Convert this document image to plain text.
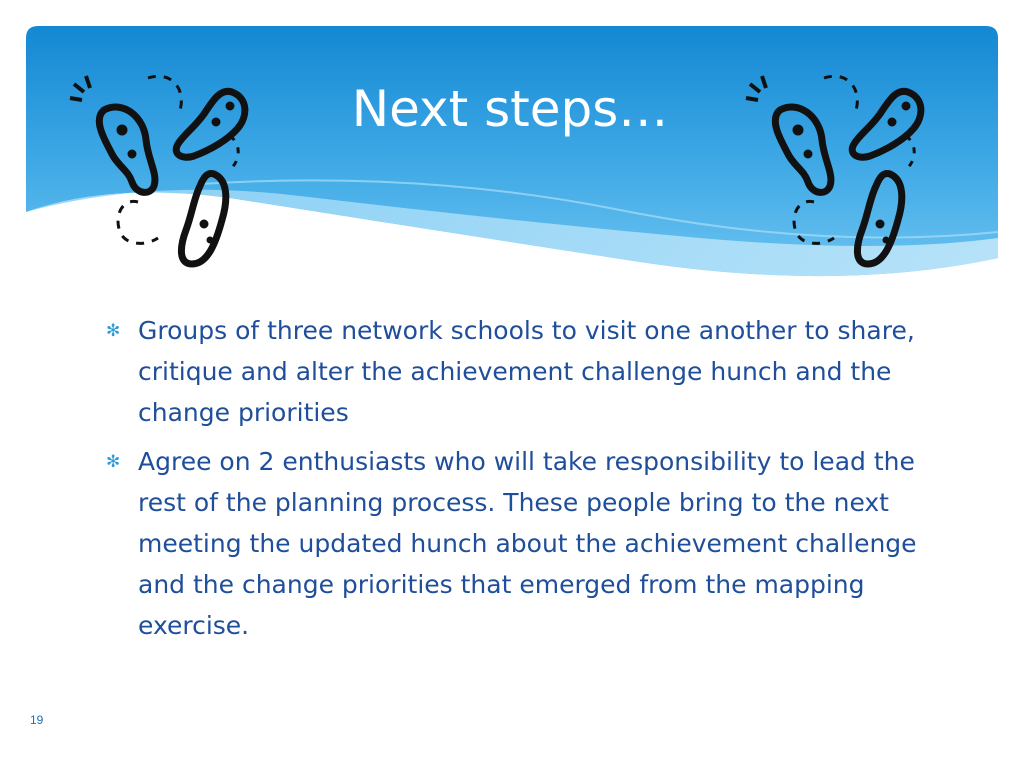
Next steps…
✻ Groups of three network schools to visit one another to share, critique and alter the achievement challenge hunch and the change priorities
✻ Agree on 2 enthusiasts who will take responsibility to lead the rest of the planning process. These people bring to the next meeting the updated hunch about the achievement challenge and the change priorities that emerged from the mapping exercise.
19
